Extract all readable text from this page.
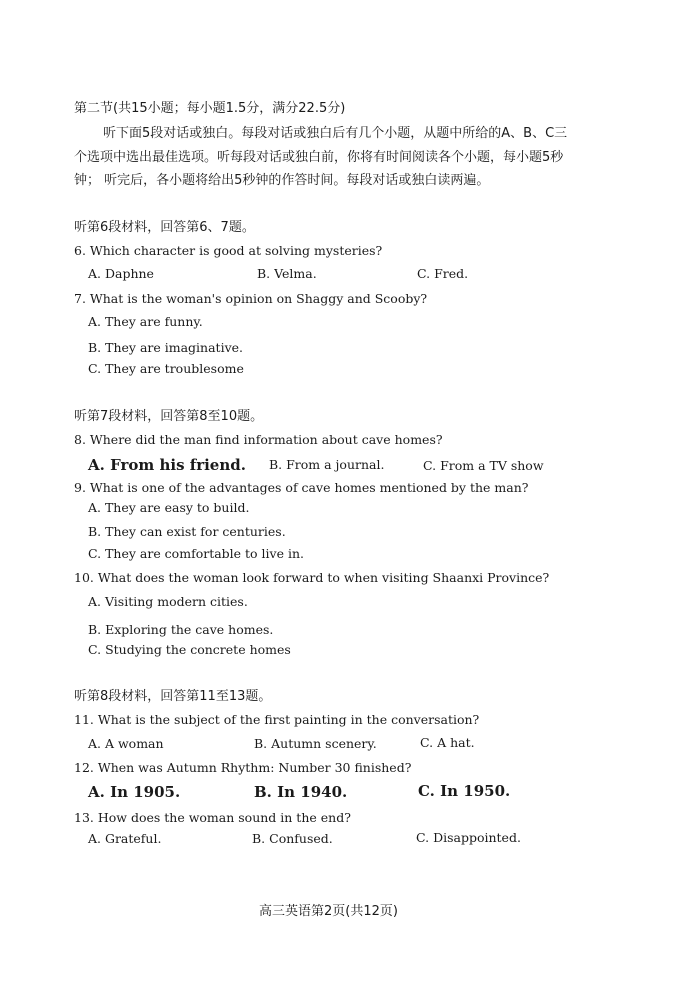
第二节(共15小题；每小题1.5分，满分22.5分)
听下面5段对话或独白。每段对话或独白后有几个小题，从题中所给的A、B、C三
个选项中选出最佳选项。听每段对话或独白前，你将有时间阅读各个小题，每小题5秒
钟； 听完后，各小题将给出5秒钟的作答时间。每段对话或独白读两遍。
听第6段材料，回答第6、7题。
6. Which character is good at solving mysteries?
A. Daphne	B. Velma.	C. Fred.
7. What is the woman's opinion on Shaggy and Scooby?
A. They are funny.
B. They are imaginative.
C. They are troublesome
听第7段材料，回答第8至10题。
8. Where did the man find information about cave homes?
A. From his friend. B. From a journal.	C. From a TV show
9. What is one of the advantages of cave homes mentioned by the man?
A. They are easy to build.
B. They can exist for centuries.
C. They are comfortable to live in.
10. What does the woman look forward to when visiting Shaanxi Province?
A. Visiting modern cities.
B. Exploring the cave homes.
C. Studying the concrete homes
听第8段材料，回答第11至13题。
11. What is the subject of the first painting in the conversation?
A. A woman	B. Autumn scenery.	C. A hat.
12. When was Autumn Rhythm: Number 30 finished?
A. In 1905.	B. In 1940.	C. In 1950.
13. How does the woman sound in the end?
A. Grateful.	B. Confused.	C. Disappointed.
高三英语第2页(共12页)
